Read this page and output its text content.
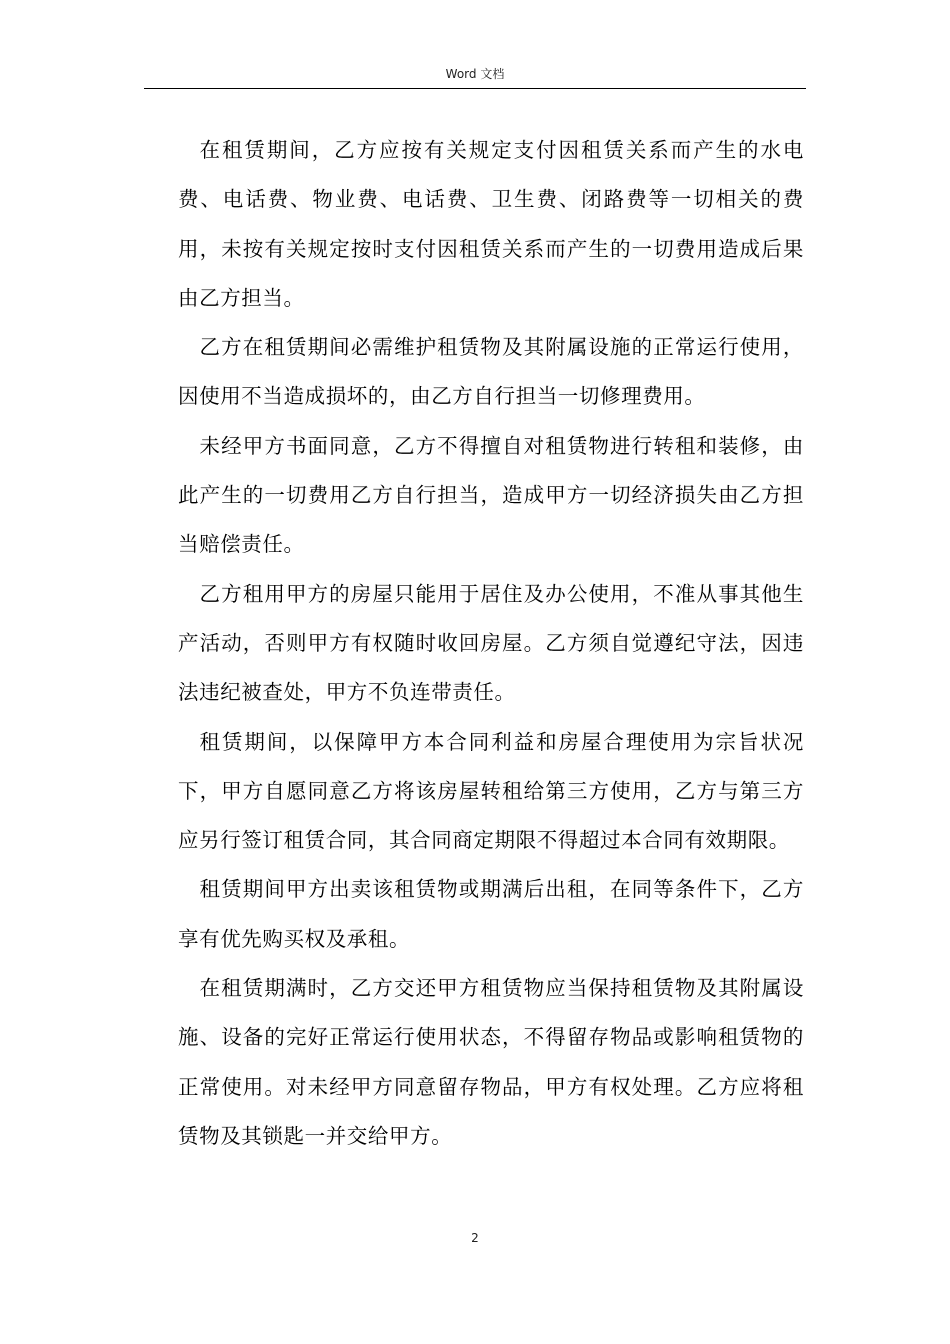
Word 文档

在租赁期间，乙方应按有关规定支付因租赁关系而产生的水电费、电话费、物业费、电话费、卫生费、闭路费等一切相关的费用，未按有关规定按时支付因租赁关系而产生的一切费用造成后果由乙方担当。

乙方在租赁期间必需维护租赁物及其附属设施的正常运行使用，因使用不当造成损坏的，由乙方自行担当一切修理费用。

未经甲方书面同意，乙方不得擅自对租赁物进行转租和装修，由此产生的一切费用乙方自行担当，造成甲方一切经济损失由乙方担当赔偿责任。

乙方租用甲方的房屋只能用于居住及办公使用，不准从事其他生产活动，否则甲方有权随时收回房屋。乙方须自觉遵纪守法，因违法违纪被查处，甲方不负连带责任。

租赁期间，以保障甲方本合同利益和房屋合理使用为宗旨状况下，甲方自愿同意乙方将该房屋转租给第三方使用，乙方与第三方应另行签订租赁合同，其合同商定期限不得超过本合同有效期限。

租赁期间甲方出卖该租赁物或期满后出租，在同等条件下，乙方享有优先购买权及承租。

在租赁期满时，乙方交还甲方租赁物应当保持租赁物及其附属设施、设备的完好正常运行使用状态，不得留存物品或影响租赁物的正常使用。对未经甲方同意留存物品，甲方有权处理。乙方应将租赁物及其锁匙一并交给甲方。

2
